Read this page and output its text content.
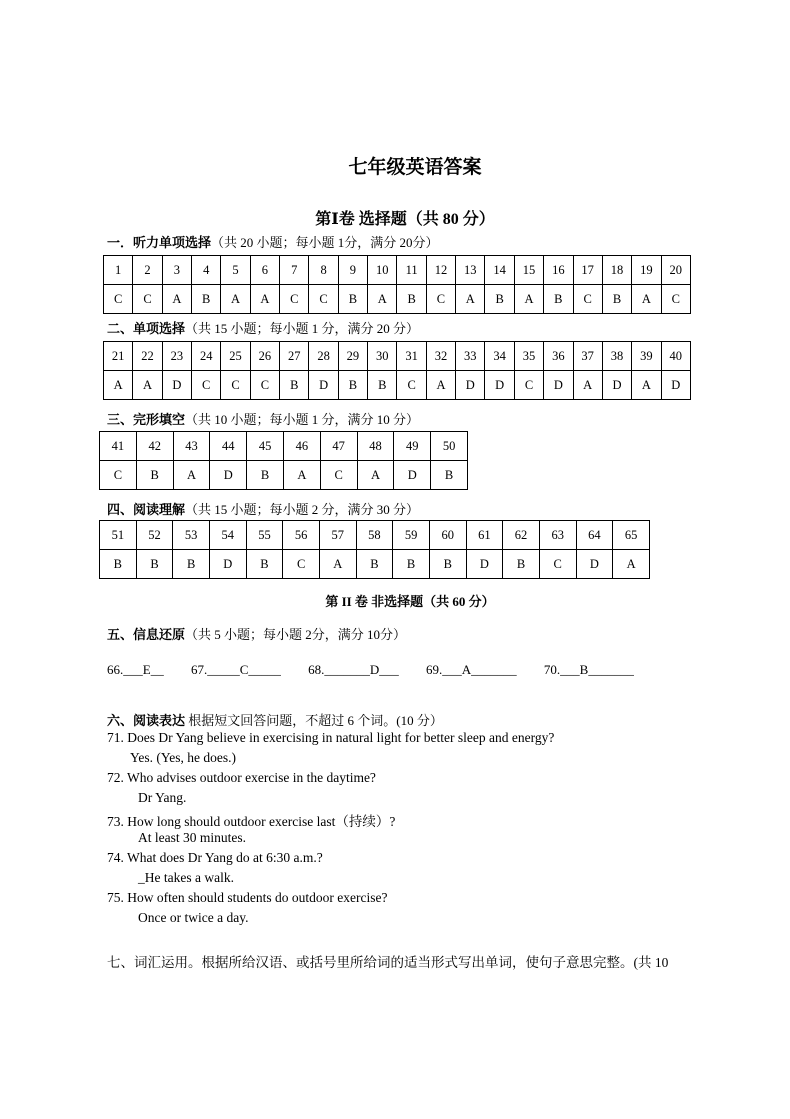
七年级英语答案
第Ⅰ卷 选择题（共 80 分）
一．听力单项选择（共 20 小题；每小题 1分，满分 20分）
1	2	3	4	5	6	7	8	9	10	11	12	13	14	15	16	17	18	19	20
C	C	A	B	A	A	C	C	B	A	B	C	A	B	A	B	C	B	A	C
二、单项选择（共 15 小题；每小题 1 分，满分 20 分）
21	22	23	24	25	26	27	28	29	30	31	32	33	34	35	36	37	38	39	40
A	A	D	C	C	C	B	D	B	B	C	A	D	D	C	D	A	D	A	D
三、完形填空（共 10 小题；每小题 1 分，满分 10 分）
41	42	43	44	45	46	47	48	49	50
C	B	A	D	B	A	C	A	D	B
四、阅读理解（共 15 小题；每小题 2 分，满分 30 分）
51	52	53	54	55	56	57	58	59	60	61	62	63	64	65
B	B	B	D	B	C	A	B	B	B	D	B	C	D	A
第 II 卷 非选择题（共 60 分）
五、信息还原（共 5 小题；每小题 2分，满分 10分）
66.___E__ 67._____C_____ 68._______D___ 69.___A_______ 70.___B_______
六、阅读表达 根据短文回答问题，不超过 6 个词。(10 分）
71. Does Dr Yang believe in exercising in natural light for better sleep and energy?
Yes. (Yes, he does.)
72. Who advises outdoor exercise in the daytime?
Dr Yang.
73. How long should outdoor exercise last（持续）?
At least 30 minutes.
74. What does Dr Yang do at 6:30 a.m.?
_He takes a walk.
75. How often should students do outdoor exercise?
Once or twice a day.
七、词汇运用。根据所给汉语、或括号里所给词的适当形式写出单词，使句子意思完整。(共 10
